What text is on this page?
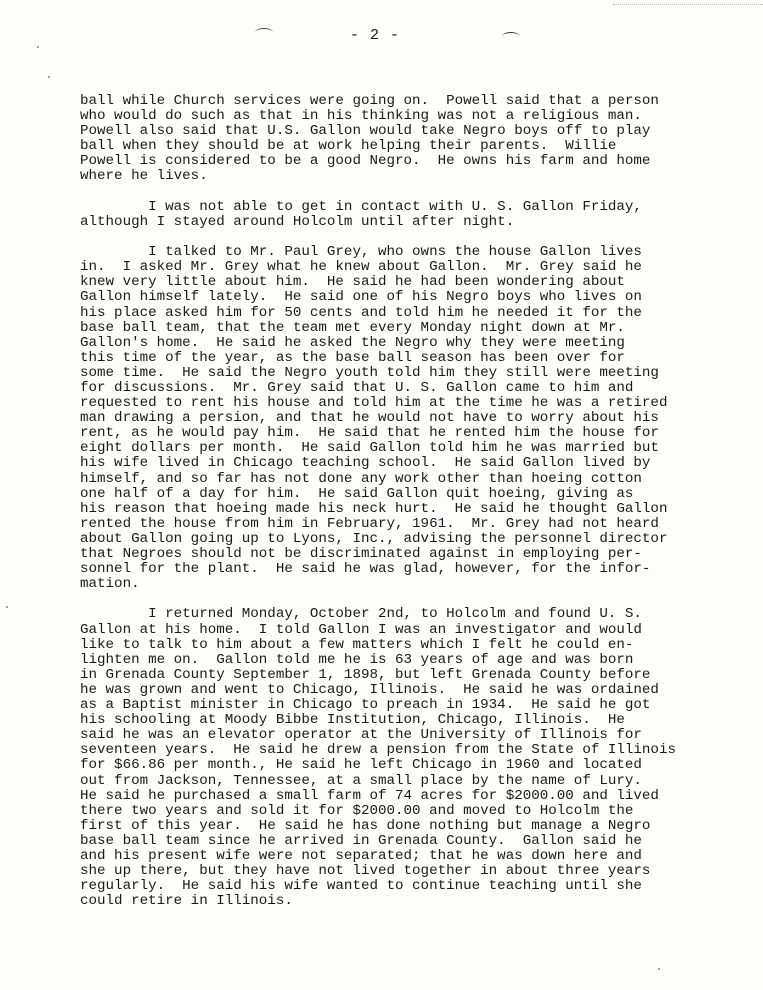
- 2 -
ball while Church services were going on.  Powell said that a person
who would do such as that in his thinking was not a religious man.
Powell also said that U.S. Gallon would take Negro boys off to play
ball when they should be at work helping their parents.  Willie
Powell is considered to be a good Negro.  He owns his farm and home
where he lives.
I was not able to get in contact with U. S. Gallon Friday,
although I stayed around Holcolm until after night.
I talked to Mr. Paul Grey, who owns the house Gallon lives
in.  I asked Mr. Grey what he knew about Gallon.  Mr. Grey said he
knew very little about him.  He said he had been wondering about
Gallon himself lately.  He said one of his Negro boys who lives on
his place asked him for 50 cents and told him he needed it for the
base ball team, that the team met every Monday night down at Mr.
Gallon's home.  He said he asked the Negro why they were meeting
this time of the year, as the base ball season has been over for
some time.  He said the Negro youth told him they still were meeting
for discussions.  Mr. Grey said that U. S. Gallon came to him and
requested to rent his house and told him at the time he was a retired
man drawing a persion, and that he would not have to worry about his
rent, as he would pay him.  He said that he rented him the house for
eight dollars per month.  He said Gallon told him he was married but
his wife lived in Chicago teaching school.  He said Gallon lived by
himself, and so far has not done any work other than hoeing cotton
one half of a day for him.  He said Gallon quit hoeing, giving as
his reason that hoeing made his neck hurt.  He said he thought Gallon
rented the house from him in February, 1961.  Mr. Grey had not heard
about Gallon going up to Lyons, Inc., advising the personnel director
that Negroes should not be discriminated against in employing per-
sonnel for the plant.  He said he was glad, however, for the infor-
mation.
I returned Monday, October 2nd, to Holcolm and found U. S.
Gallon at his home.  I told Gallon I was an investigator and would
like to talk to him about a few matters which I felt he could en-
lighten me on.  Gallon told me he is 63 years of age and was born
in Grenada County September 1, 1898, but left Grenada County before
he was grown and went to Chicago, Illinois.  He said he was ordained
as a Baptist minister in Chicago to preach in 1934.  He said he got
his schooling at Moody Bibbe Institution, Chicago, Illinois.  He
said he was an elevator operator at the University of Illinois for
seventeen years.  He said he drew a pension from the State of Illinois
for $66.86 per month., He said he left Chicago in 1960 and located
out from Jackson, Tennessee, at a small place by the name of Lury.
He said he purchased a small farm of 74 acres for $2000.00 and lived
there two years and sold it for $2000.00 and moved to Holcolm the
first of this year.  He said he has done nothing but manage a Negro
base ball team since he arrived in Grenada County.  Gallon said he
and his present wife were not separated; that he was down here and
she up there, but they have not lived together in about three years
regularly.  He said his wife wanted to continue teaching until she
could retire in Illinois.
